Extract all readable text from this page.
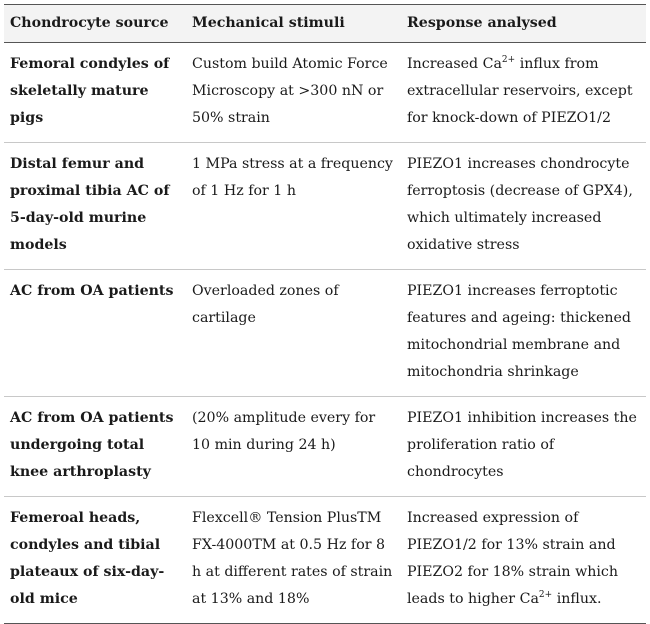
Chondrocyte source	Mechanical stimuli	Response analysed
Femoral condyles of skeletally mature pigs	Custom build Atomic Force Microscopy at >300 nN or 50% strain	Increased $Ca^{2+}$ influx from extracellular reservoirs, except for knock-down of PIEZO1/2
Distal femur and proximal tibia AC of 5-day-old murine models	1 MPa stress at a frequency of 1 Hz for 1 h	PIEZO1 increases chondrocyte ferroptosis (decrease of GPX4), which ultimately increased oxidative stress
AC from OA patients	Overloaded zones of cartilage	PIEZO1 increases ferroptotic features and ageing: thickened mitochondrial membrane and mitochondria shrinkage
AC from OA patients undergoing total knee arthroplasty	(20% amplitude every for 10 min during 24 h)	PIEZO1 inhibition increases the proliferation ratio of chondrocytes
Femeroal heads, condyles and tibial plateaux of six-day-old mice	Flexcell® Tension PlusTM FX-4000TM at 0.5 Hz for 8 h at different rates of strain at 13% and 18%	Increased expression of PIEZO1/2 for 13% strain and PIEZO2 for 18% strain which leads to higher $Ca^{2+}$ influx.
